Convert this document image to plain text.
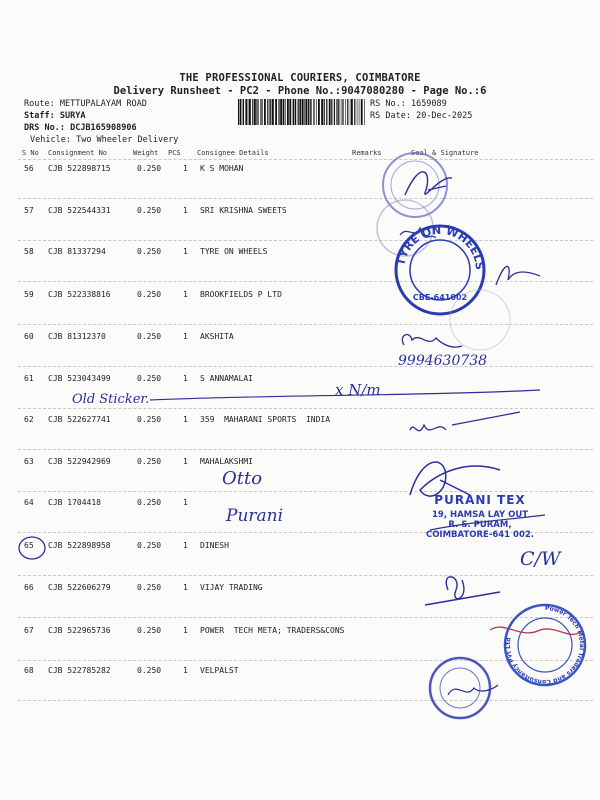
THE PROFESSIONAL COURIERS, COIMBATORE
Delivery Runsheet - PC2 - Phone No.:9047080280 - Page No.:6
Route: METTUPALAYAM ROAD
Staff: SURYA
DRS No.: DCJB165908906
Vehicle: Two Wheeler Delivery
RS No.: 1659089
RS Date: 20-Dec-2025
S No Consignment No	Weight PCS Consignee Details	Remarks	Seal & Signature
56 CJB 522898715	0.250	1 K S MOHAN
57 CJB 522544331	0.250	1 SRI KRISHNA SWEETS
58 CJB 81337294	0.250	1 TYRE ON WHEELS
59 CJB 522338816	0.250	1 BROOKFIELDS P LTD
60 CJB 81312370	0.250	1 AKSHITA
61 CJB 523043499	0.250	1 S ANNAMALAI
62 CJB 522627741	0.250	1 359  MAHARANI SPORTS  INDIA
63 CJB 522942969	0.250	1 MAHALAKSHMI
64 CJB 1704418	0.250	1
65 CJB 522898958	0.250	1 DINESH
66 CJB 522606279	0.250	1 VIJAY TRADING
67 CJB 522965736	0.250	1 POWER  TECH META; TRADERS&CONS
68 CJB 522785282	0.250	1 VELPALST
Old Sticker.
9994630738
x N/m
Otto
Purani
C/W
PURANI TEX
19, HAMSA LAY OUT
R. S. PURAM,
COIMBATORE-641 002.
TYRE ON WHEELS
CBE-641002
Power Tech Metal Traders and Consultancy Pvt Ltd
